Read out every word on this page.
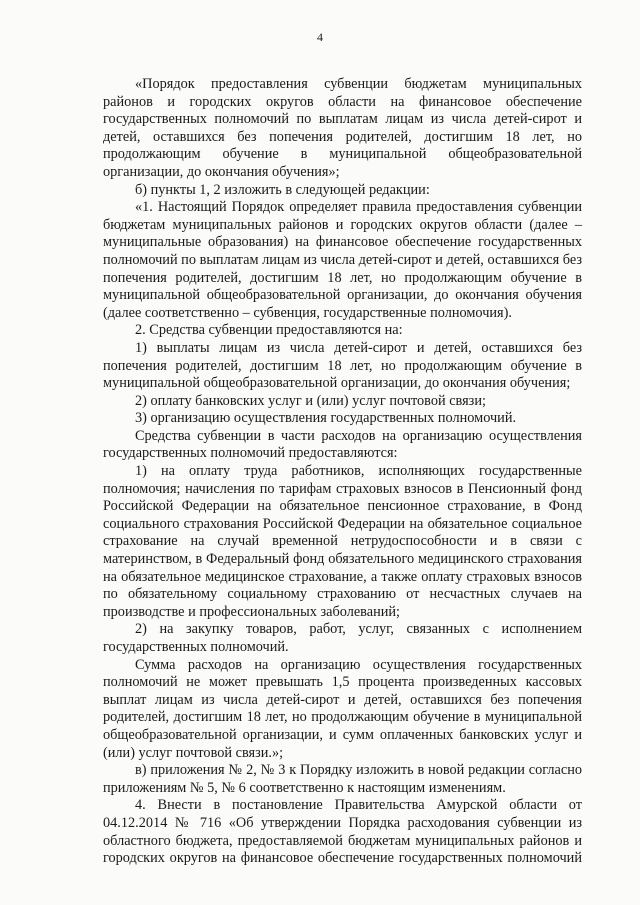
4

«Порядок предоставления субвенции бюджетам муниципальных районов и городских округов области на финансовое обеспечение государственных полномочий по выплатам лицам из числа детей-сирот и детей, оставшихся без попечения родителей, достигшим 18 лет, но продолжающим обучение в муниципальной общеобразовательной организации, до окончания обучения»;

б) пункты 1, 2 изложить в следующей редакции:

«1. Настоящий Порядок определяет правила предоставления субвенции бюджетам муниципальных районов и городских округов области (далее – муниципальные образования) на финансовое обеспечение государственных полномочий по выплатам лицам из числа детей-сирот и детей, оставшихся без попечения родителей, достигшим 18 лет, но продолжающим обучение в муниципальной общеобразовательной организации, до окончания обучения (далее соответственно – субвенция, государственные полномочия).

2. Средства субвенции предоставляются на:

1) выплаты лицам из числа детей-сирот и детей, оставшихся без попечения родителей, достигшим 18 лет, но продолжающим обучение в муниципальной общеобразовательной организации, до окончания обучения;

2) оплату банковских услуг и (или) услуг почтовой связи;

3) организацию осуществления государственных полномочий.

Средства субвенции в части расходов на организацию осуществления государственных полномочий предоставляются:

1) на оплату труда работников, исполняющих государственные полномочия; начисления по тарифам страховых взносов в Пенсионный фонд Российской Федерации на обязательное пенсионное страхование, в Фонд социального страхования Российской Федерации на обязательное социальное страхование на случай временной нетрудоспособности и в связи с материнством, в Федеральный фонд обязательного медицинского страхования на обязательное медицинское страхование, а также оплату страховых взносов по обязательному социальному страхованию от несчастных случаев на производстве и профессиональных заболеваний;

2) на закупку товаров, работ, услуг, связанных с исполнением государственных полномочий.

Сумма расходов на организацию осуществления государственных полномочий не может превышать 1,5 процента произведенных кассовых выплат лицам из числа детей-сирот и детей, оставшихся без попечения родителей, достигшим 18 лет, но продолжающим обучение в муниципальной общеобразовательной организации, и сумм оплаченных банковских услуг и (или) услуг почтовой связи.»;

в) приложения № 2, № 3 к Порядку изложить в новой редакции согласно приложениям № 5, № 6 соответственно к настоящим изменениям.

4. Внести в постановление Правительства Амурской области от 04.12.2014 № 716 «Об утверждении Порядка расходования субвенции из областного бюджета, предоставляемой бюджетам муниципальных районов и городских округов на финансовое обеспечение государственных полномочий
